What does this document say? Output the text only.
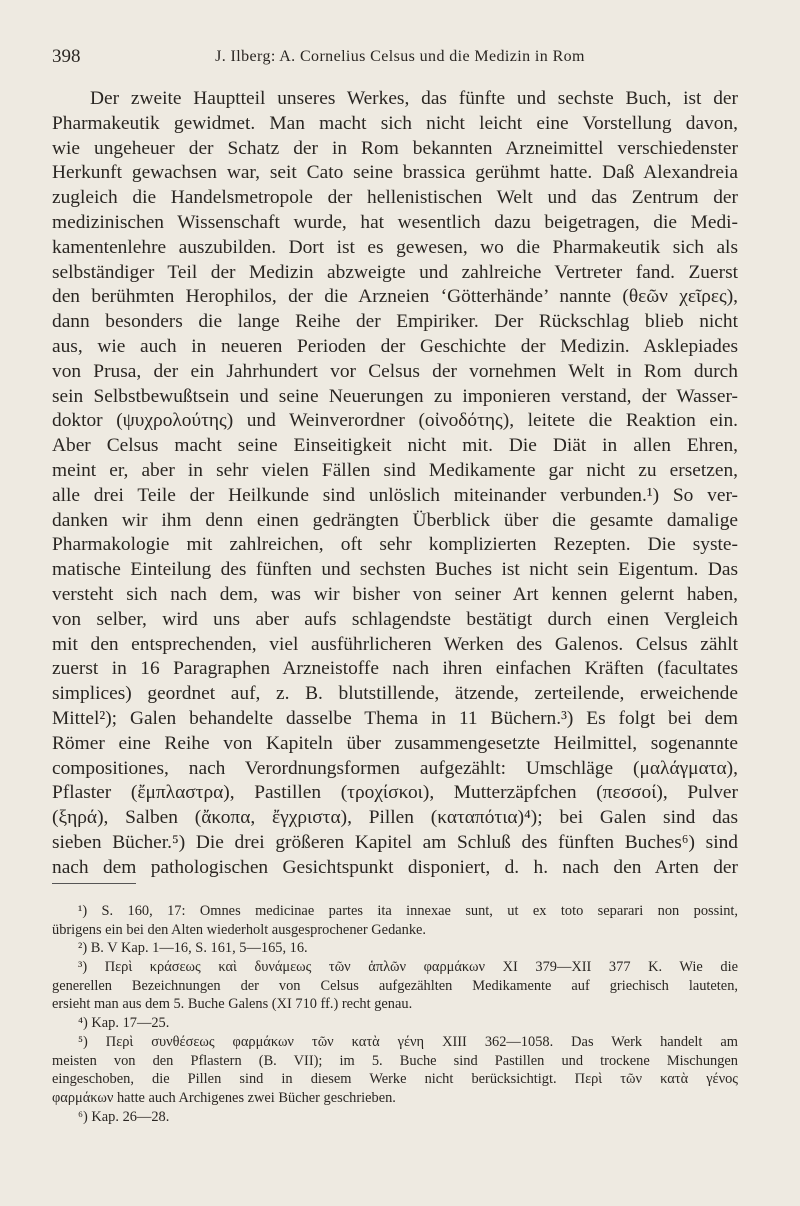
398	J. Ilberg: A. Cornelius Celsus und die Medizin in Rom
Der zweite Hauptteil unseres Werkes, das fünfte und sechste Buch, ist der
Pharmakeutik gewidmet. Man macht sich nicht leicht eine Vorstellung davon,
wie ungeheuer der Schatz der in Rom bekannten Arzneimittel verschiedenster
Herkunft gewachsen war, seit Cato seine brassica gerühmt hatte. Daß Alexandreia
zugleich die Handelsmetropole der hellenistischen Welt und das Zentrum der
medizinischen Wissenschaft wurde, hat wesentlich dazu beigetragen, die Medi-
kamentenlehre auszubilden. Dort ist es gewesen, wo die Pharmakeutik sich als
selbständiger Teil der Medizin abzweigte und zahlreiche Vertreter fand. Zuerst
den berühmten Herophilos, der die Arzneien ‘Götterhände’ nannte (θεῶν χεῖρες),
dann besonders die lange Reihe der Empiriker. Der Rückschlag blieb nicht
aus, wie auch in neueren Perioden der Geschichte der Medizin. Asklepiades
von Prusa, der ein Jahrhundert vor Celsus der vornehmen Welt in Rom durch
sein Selbstbewußtsein und seine Neuerungen zu imponieren verstand, der Wasser-
doktor (ψυχρολούτης) und Weinverordner (οἰνοδότης), leitete die Reaktion ein.
Aber Celsus macht seine Einseitigkeit nicht mit. Die Diät in allen Ehren,
meint er, aber in sehr vielen Fällen sind Medikamente gar nicht zu ersetzen,
alle drei Teile der Heilkunde sind unlöslich miteinander verbunden.¹) So ver-
danken wir ihm denn einen gedrängten Überblick über die gesamte damalige
Pharmakologie mit zahlreichen, oft sehr komplizierten Rezepten. Die syste-
matische Einteilung des fünften und sechsten Buches ist nicht sein Eigentum. Das
versteht sich nach dem, was wir bisher von seiner Art kennen gelernt haben,
von selber, wird uns aber aufs schlagendste bestätigt durch einen Vergleich
mit den entsprechenden, viel ausführlicheren Werken des Galenos. Celsus zählt
zuerst in 16 Paragraphen Arzneistoffe nach ihren einfachen Kräften (facultates
simplices) geordnet auf, z. B. blutstillende, ätzende, zerteilende, erweichende
Mittel²); Galen behandelte dasselbe Thema in 11 Büchern.³) Es folgt bei dem
Römer eine Reihe von Kapiteln über zusammengesetzte Heilmittel, sogenannte
compositiones, nach Verordnungsformen aufgezählt: Umschläge (μαλάγματα),
Pflaster (ἔμπλαστρα), Pastillen (τροχίσκοι), Mutterzäpfchen (πεσσοί), Pulver
(ξηρά), Salben (ἄκοπα, ἔγχριστα), Pillen (καταπότια)⁴); bei Galen sind das
sieben Bücher.⁵) Die drei größeren Kapitel am Schluß des fünften Buches⁶) sind
nach dem pathologischen Gesichtspunkt disponiert, d. h. nach den Arten der
¹) S. 160, 17: Omnes medicinae partes ita innexae sunt, ut ex toto separari non possint,
übrigens ein bei den Alten wiederholt ausgesprochener Gedanke.
²) B. V Kap. 1—16, S. 161, 5—165, 16.
³) Περὶ κράσεως καὶ δυνάμεως τῶν ἁπλῶν φαρμάκων XI 379—XII 377 K. Wie die
generellen Bezeichnungen der von Celsus aufgezählten Medikamente auf griechisch lauteten,
ersieht man aus dem 5. Buche Galens (XI 710 ff.) recht genau.
⁴) Kap. 17—25.
⁵) Περὶ συνθέσεως φαρμάκων τῶν κατὰ γένη XIII 362—1058. Das Werk handelt am
meisten von den Pflastern (B. VII); im 5. Buche sind Pastillen und trockene Mischungen
eingeschoben, die Pillen sind in diesem Werke nicht berücksichtigt. Περὶ τῶν κατὰ γένος
φαρμάκων hatte auch Archigenes zwei Bücher geschrieben.
⁶) Kap. 26—28.
